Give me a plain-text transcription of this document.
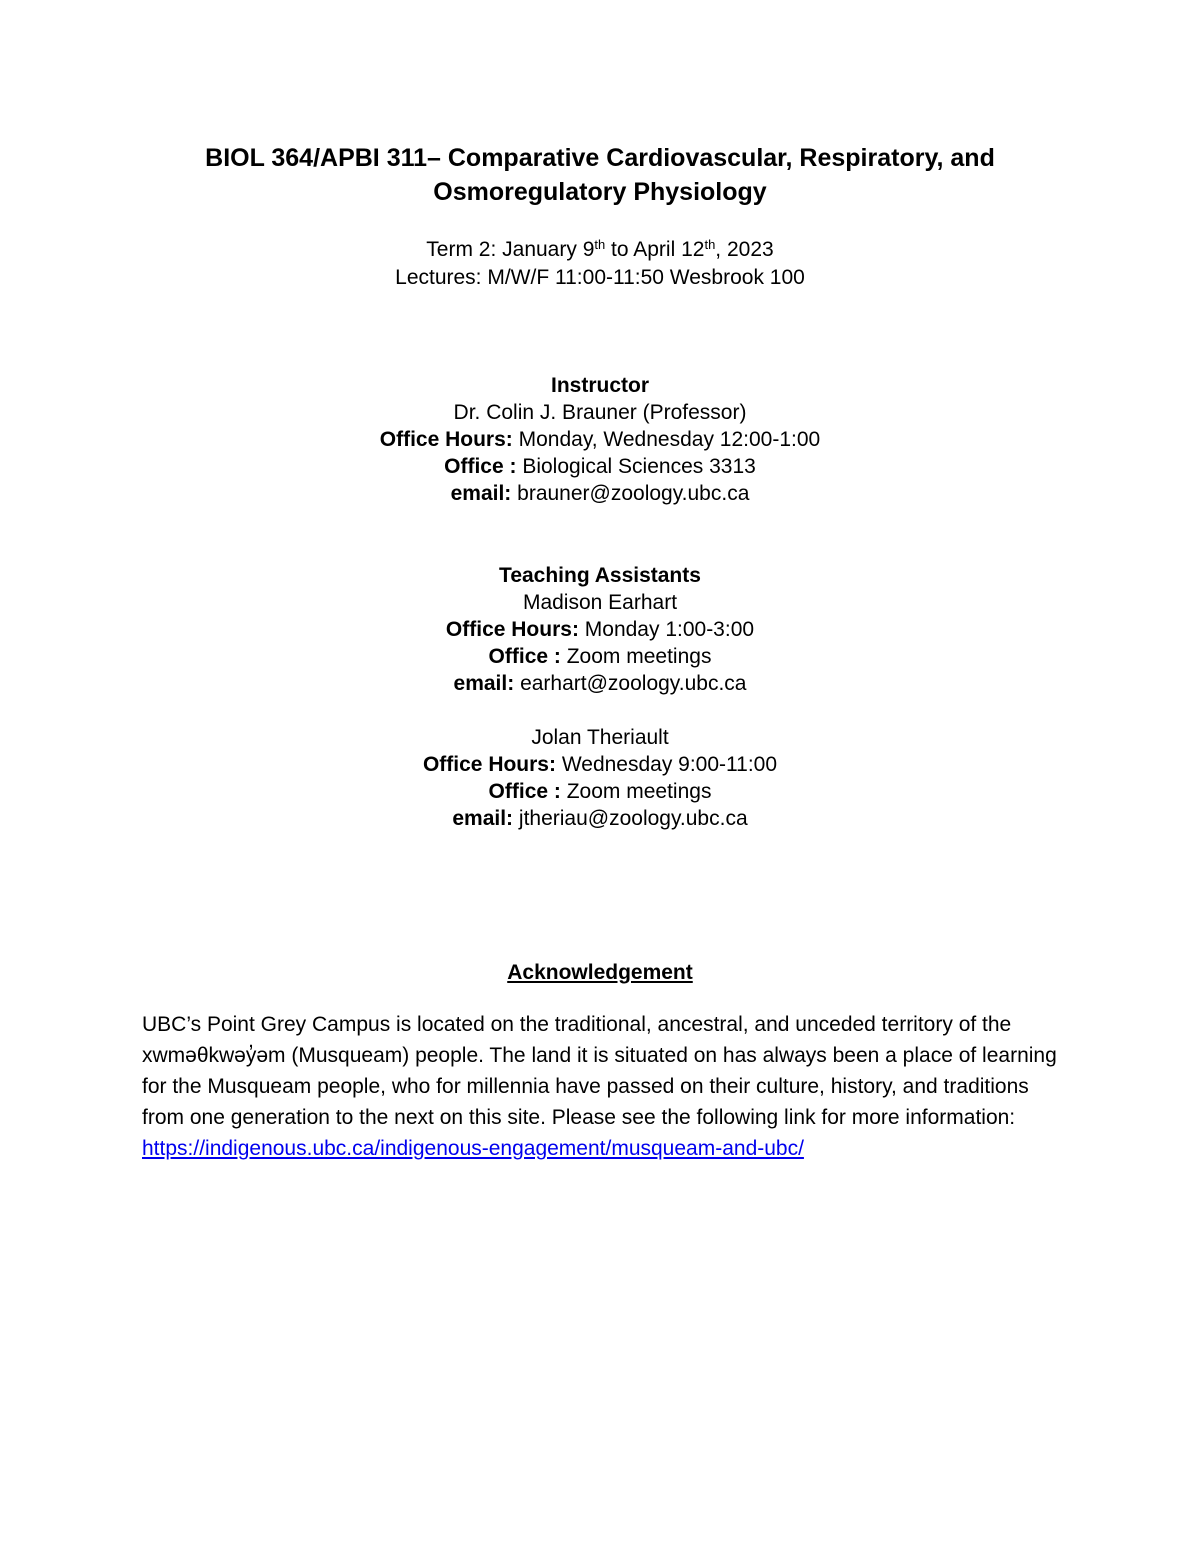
BIOL 364/APBI 311– Comparative Cardiovascular, Respiratory, and
Osmoregulatory Physiology
Term 2: January 9th to April 12th, 2023
Lectures: M/W/F 11:00-11:50 Wesbrook 100
Instructor
Dr. Colin J. Brauner (Professor)
Office Hours: Monday, Wednesday 12:00-1:00
Office : Biological Sciences 3313
email: brauner@zoology.ubc.ca
Teaching Assistants
Madison Earhart
Office Hours: Monday 1:00-3:00
Office : Zoom meetings
email: earhart@zoology.ubc.ca
Jolan Theriault
Office Hours: Wednesday 9:00-11:00
Office : Zoom meetings
email: jtheriau@zoology.ubc.ca
Acknowledgement
UBC’s Point Grey Campus is located on the traditional, ancestral, and unceded territory of the xwməθkwəy̓əm (Musqueam) people. The land it is situated on has always been a place of learning for the Musqueam people, who for millennia have passed on their culture, history, and traditions from one generation to the next on this site. Please see the following link for more information: https://indigenous.ubc.ca/indigenous-engagement/musqueam-and-ubc/
